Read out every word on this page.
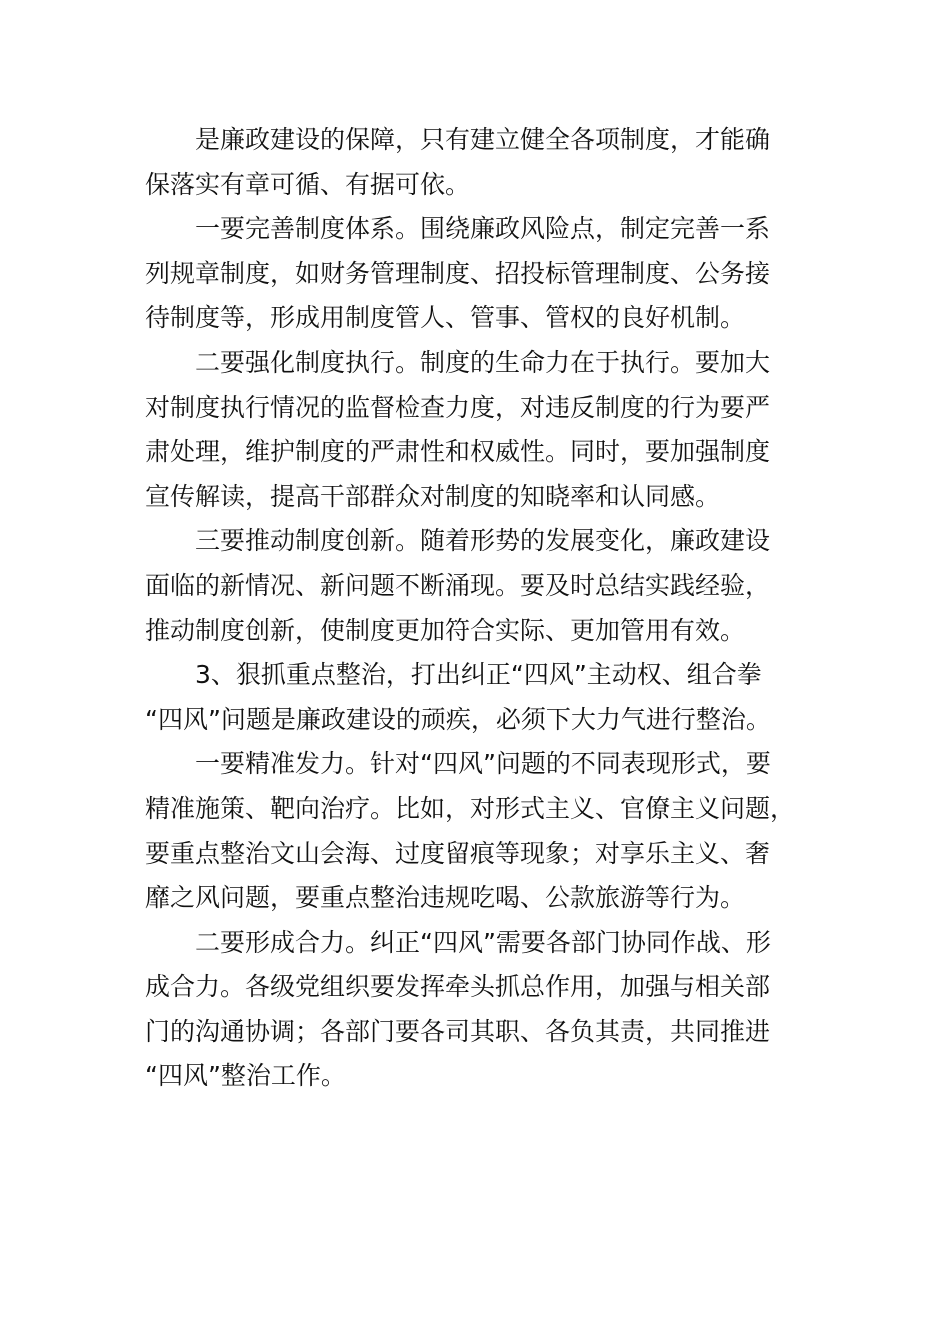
是廉政建设的保障，只有建立健全各项制度，才能确
保落实有章可循、有据可依。
一要完善制度体系。围绕廉政风险点，制定完善一系
列规章制度，如财务管理制度、招投标管理制度、公务接
待制度等，形成用制度管人、管事、管权的良好机制。
二要强化制度执行。制度的生命力在于执行。要加大
对制度执行情况的监督检查力度，对违反制度的行为要严
肃处理，维护制度的严肃性和权威性。同时，要加强制度
宣传解读，提高干部群众对制度的知晓率和认同感。
三要推动制度创新。随着形势的发展变化，廉政建设
面临的新情况、新问题不断涌现。要及时总结实践经验，
推动制度创新，使制度更加符合实际、更加管用有效。
3、狠抓重点整治，打出纠正“四风”主动权、组合拳
“四风”问题是廉政建设的顽疾，必须下大力气进行整治。
一要精准发力。针对“四风”问题的不同表现形式，要
精准施策、靶向治疗。比如，对形式主义、官僚主义问题，
要重点整治文山会海、过度留痕等现象；对享乐主义、奢
靡之风问题，要重点整治违规吃喝、公款旅游等行为。
二要形成合力。纠正“四风”需要各部门协同作战、形
成合力。各级党组织要发挥牵头抓总作用，加强与相关部
门的沟通协调；各部门要各司其职、各负其责，共同推进
“四风”整治工作。
